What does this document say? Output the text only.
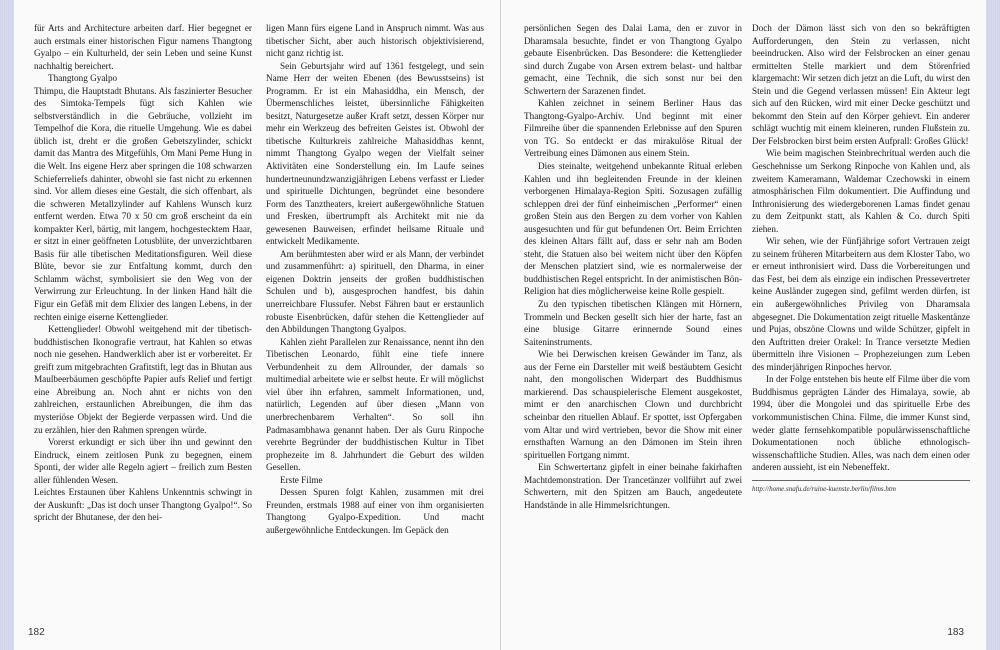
für Arts and Architecture arbeiten darf. Hier begegnet er auch erstmals einer historischen Figur namens Thangtong Gyalpo – ein Kulturheld, der sein Leben und seine Kunst nachhaltig bereichert.

Thangtong Gyalpo

Thimpu, die Hauptstadt Bhutans. Als faszinierter Besucher des Simtoka-Tempels fügt sich Kahlen wie selbstverständlich in die Gebräuche, vollzieht im Tempelhof die Kora, die rituelle Umgehung. Wie es dabei üblich ist, dreht er die großen Gebetszylinder, schickt damit das Mantra des Mitgefühls, Om Mani Peme Hung in die Welt. Ins eigene Herz aber springen die 108 schwarzen Schieferreliefs dahinter, obwohl sie fast nicht zu erkennen sind. Vor allem dieses eine Gestalt, die sich offenbart, als die schweren Metallzylinder auf Kahlens Wunsch kurz entfernt werden. Etwa 70 x 50 cm groß erscheint da ein kompakter Kerl, bärtig, mit langem, hochgestecktem Haar, er sitzt in einer geöffneten Lotusblüte, der unverzichtbaren Basis für alle tibetischen Meditationsfiguren. Weil diese Blüte, bevor sie zur Entfaltung kommt, durch den Schlamm wächst, symbolisiert sie den Weg von der Verwirrung zur Erleuchtung. In der linken Hand hält die Figur ein Gefäß mit dem Elixier des langen Lebens, in der rechten einige eiserne Kettenglieder.

Kettenglieder! Obwohl weitgehend mit der tibetisch-buddhistischen Ikonografie vertraut, hat Kahlen so etwas noch nie gesehen. Handwerklich aber ist er vorbereitet. Er greift zum mitgebrachten Grafitstift, legt das in Bhutan aus Maulbeerbäumen geschöpfte Papier aufs Relief und fertigt eine Abreibung an. Noch ahnt er nichts von den zahlreichen, erstaunlichen Abreibungen, die ihm das mysteriöse Objekt der Begierde verpassen wird. Und die zu erzählen, hier den Rahmen sprengen würde.

Vorerst erkundigt er sich über ihn und gewinnt den Eindruck, einem zeitlosen Punk zu begegnen, einem Sponti, der wider alle Regeln agiert – freilich zum Besten aller fühlenden Wesen.

Leichtes Erstaunen über Kahlens Unkenntnis schwingt in der Auskunft: „Das ist doch unser Thangtong Gyalpo!“. So spricht der Bhutanese, der den hei-

ligen Mann fürs eigene Land in Anspruch nimmt. Was aus tibetischer Sicht, aber auch historisch objektivisierend, nicht ganz richtig ist.

Sein Geburtsjahr wird auf 1361 festgelegt, und sein Name Herr der weiten Ebenen (des Bewusstseins) ist Programm. Er ist ein Mahasiddha, ein Mensch, der Übermenschliches leistet, übersinnliche Fähigkeiten besitzt, Naturgesetze außer Kraft setzt, dessen Körper nur mehr ein Werkzeug des befreiten Geistes ist. Obwohl der tibetische Kulturkreis zahlreiche Mahasiddhas kennt, nimmt Thangtong Gyalpo wegen der Vielfalt seiner Aktivitäten eine Sonderstellung ein. Im Laufe seines hundertneunundzwanzigjährigen Lebens verfasst er Lieder und spirituelle Dichtungen, begründet eine besondere Form des Tanztheaters, kreiert außergewöhnliche Statuen und Fresken, übertrumpft als Architekt mit nie da gewesenen Bauweisen, erfindet heilsame Rituale und entwickelt Medikamente.

Am berühmtesten aber wird er als Mann, der verbindet und zusammenführt: a) spirituell, den Dharma, in einer eigenen Doktrin jenseits der großen buddhistischen Schulen und b), ausgesprochen handfest, bis dahin unerreichbare Flussufer. Nebst Fähren baut er erstaunlich robuste Eisenbrücken, dafür stehen die Kettenglieder auf den Abbildungen Thangtong Gyalpos.

Kahlen zieht Parallelen zur Renaissance, nennt ihn den Tibetischen Leonardo, fühlt eine tiefe innere Verbundenheit zu dem Allrounder, der damals so multimedial arbeitete wie er selbst heute. Er will möglichst viel über ihn erfahren, sammelt Informationen, und, natürlich, Legenden auf über diesen „Mann von unerbrechenbarem Verhalten“. So soll ihn Padmasambhawa genannt haben. Der als Guru Rinpoche verehrte Begründer der buddhistischen Kultur in Tibet prophezeite im 8. Jahrhundert die Geburt des wilden Gesellen.

Erste Filme

Dessen Spuren folgt Kahlen, zusammen mit drei Freunden, erstmals 1988 auf einer von ihm organisierten Thangtong Gyalpo-Expedition. Und macht außergewöhnliche Entdeckungen. Im Gepäck den

182

persönlichen Segen des Dalai Lama, den er zuvor in Dharamsala besuchte, findet er von Thangtong Gyalpo gebaute Eisenbrücken. Das Besondere: die Kettenglieder sind durch Zugabe von Arsen extrem belast- und haltbar gemacht, eine Technik, die sich sonst nur bei den Schwertern der Sarazenen findet.

Kahlen zeichnet in seinem Berliner Haus das Thangtong-Gyalpo-Archiv. Und beginnt mit einer Filmreihe über die spannenden Erlebnisse auf den Spuren von TG. So entdeckt er das mirakulöse Ritual der Vertreibung eines Dämonen aus einem Stein.

Dies steinalte, weitgehend unbekannte Ritual erleben Kahlen und ihn begleitenden Freunde in der kleinen verborgenen Himalaya-Region Spiti. Sozusagen zufällig schleppen drei der fünf einheimischen „Performer“ einen großen Stein aus den Bergen zu dem vorher von Kahlen ausgesuchten und für gut befundenen Ort. Beim Errichten des kleinen Altars fällt auf, dass er sehr nah am Boden steht, die Statuen also bei weitem nicht über den Köpfen der Menschen platziert sind, wie es normalerweise der buddhistischen Regel entspricht. In der animistischen Bön-Religion hat dies möglicherweise keine Rolle gespielt.

Zu den typischen tibetischen Klängen mit Hörnern, Trommeln und Becken gesellt sich hier der harte, fast an eine blusige Gitarre erinnernde Sound eines Saiteninstruments.

Wie bei Derwischen kreisen Gewänder im Tanz, als aus der Ferne ein Darsteller mit weiß bestäubtem Gesicht naht, den mongolischen Widerpart des Buddhismus markierend. Das schauspielerische Element ausgekostet, mimt er den anarchischen Clown und durchbricht scheinbar den rituellen Ablauf. Er spottet, isst Opfergaben vom Altar und wird vertrieben, bevor die Show mit einer ernsthaften Warnung an den Dämonen im Stein ihren spirituellen Fortgang nimmt.

Ein Schwertertanz gipfelt in einer beinahe fakirhaften Machtdemonstration. Der Trancetänzer vollführt auf zwei Schwertern, mit den Spitzen am Bauch, angedeutete Handstände in alle Himmelsrichtungen.

Doch der Dämon lässt sich von den so bekräftigten Aufforderungen, den Stein zu verlassen, nicht beeindrucken. Also wird der Felsbrocken an einer genau ermittelten Stelle markiert und dem Störenfried klargemacht: Wir setzen dich jetzt an die Luft, du wirst den Stein und die Gegend verlassen müssen! Ein Akteur legt sich auf den Rücken, wird mit einer Decke geschützt und bekommt den Stein auf den Körper gehievt. Ein anderer schlägt wuchtig mit einem kleineren, runden Flußstein zu. Der Felsbrocken birst beim ersten Aufprall: Großes Glück!

Wie beim magischen Steinbrechritual werden auch die Geschehnisse um Serkong Rinpoche von Kahlen und, als zweitem Kameramann, Waldemar Czechowski in einem atmosphärischen Film dokumentiert. Die Auffindung und Inthronisierung des wiedergeborenen Lamas findet genau zu dem Zeitpunkt statt, als Kahlen & Co. durch Spiti ziehen.

Wir sehen, wie der Fünfjährige sofort Vertrauen zeigt zu seinem früheren Mitarbeitern aus dem Kloster Tabo, wo er erneut inthronisiert wird. Dass die Vorbereitungen und das Fest, bei dem als einzige ein indischen Pressevertreter keine Ausländer zugegen sind, gefilmt werden dürfen, ist ein außergewöhnliches Privileg von Dharamsala abgesegnet. Die Dokumentation zeigt rituelle Maskentänze und Pujas, obszöne Clowns und wilde Schützer, gipfelt in den Auftritten dreier Orakel: In Trance versetzte Medien übermitteln ihre Visionen – Prophezeiungen zum Leben des minderjährigen Rinpoches hervor.

In der Folge entstehen bis heute elf Filme über die vom Buddhismus geprägten Länder des Himalaya, sowie, ab 1994, über die Mongolei und das spirituelle Erbe des vorkommunistischen China. Filme, die immer Kunst sind, weder glatte fernsehkompatible populärwissenschaftliche Dokumentationen noch übliche ethnologisch-wissenschaftliche Studien. Alles, was nach dem einen oder anderen aussieht, ist ein Nebeneffekt.

http://home.snafu.de/ruine-kuenste.berlin/films.htm
183
